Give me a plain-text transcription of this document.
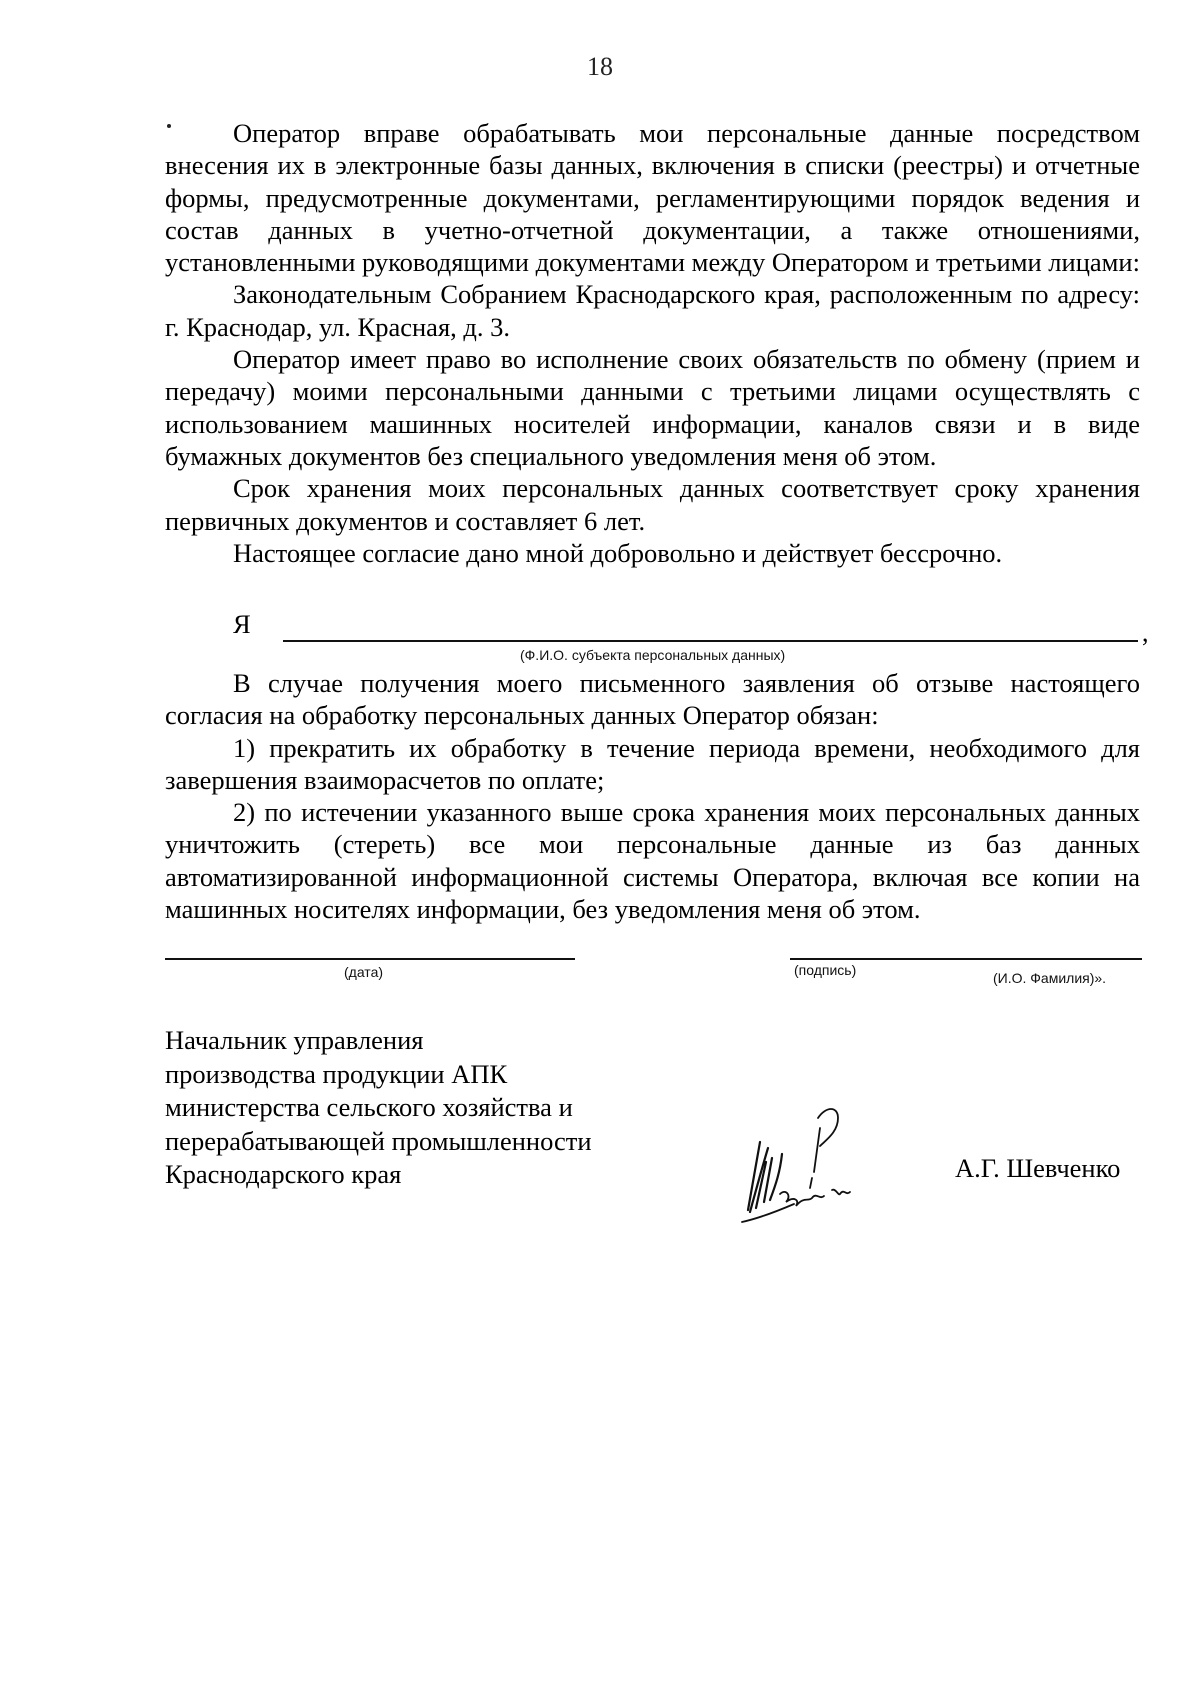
18

Оператор вправе обрабатывать мои персональные данные посредством внесения их в электронные базы данных, включения в списки (реестры) и отчетные формы, предусмотренные документами, регламентирующими порядок ведения и состав данных в учетно-отчетной документации, а также отношениями, установленными руководящими документами между Оператором и третьими лицами:

Законодательным Собранием Краснодарского края, расположенным по адресу: г. Краснодар, ул. Красная, д. 3.

Оператор имеет право во исполнение своих обязательств по обмену (прием и передачу) моими персональными данными с третьими лицами осуществлять с использованием машинных носителей информации, каналов связи и в виде бумажных документов без специального уведомления меня об этом.

Срок хранения моих персональных данных соответствует сроку хранения первичных документов и составляет 6 лет.

Настоящее согласие дано мной добровольно и действует бессрочно.

Я	,
(Ф.И.О. субъекта персональных данных)

В случае получения моего письменного заявления об отзыве настоящего согласия на обработку персональных данных Оператор обязан:

1) прекратить их обработку в течение периода времени, необходимого для завершения взаиморасчетов по оплате;

2) по истечении указанного выше срока хранения моих персональных данных уничтожить (стереть) все мои персональные данные из баз данных автоматизированной информационной системы Оператора, включая все копии на машинных носителях информации, без уведомления меня об этом.

(дата)	(подпись)	(И.О. Фамилия)».
Начальник управления
производства продукции АПК
министерства сельского хозяйства и
перерабатывающей промышленности
Краснодарского края	А.Г. Шевченко
